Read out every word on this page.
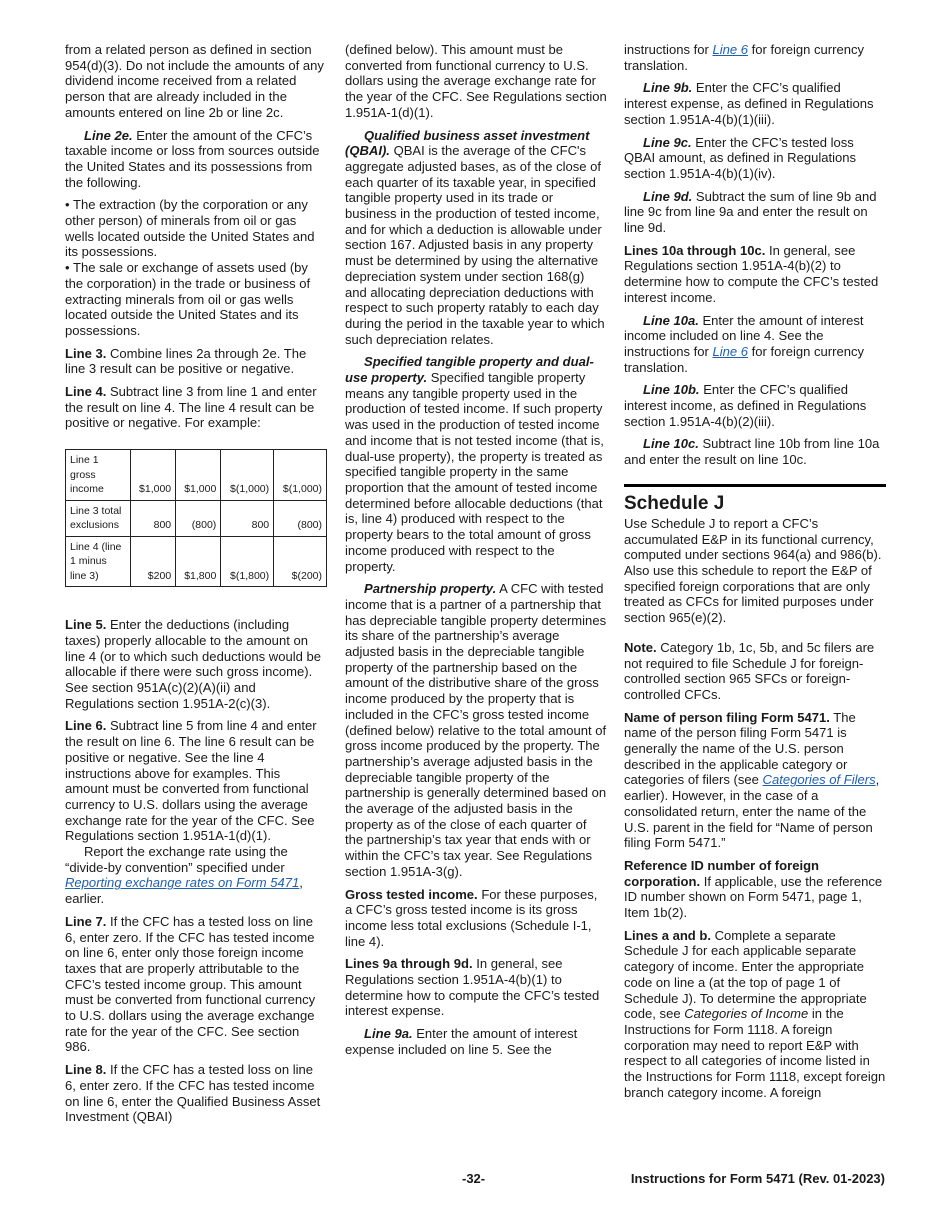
from a related person as defined in section 954(d)(3). Do not include the amounts of any dividend income received from a related person that are already included in the amounts entered on line 2b or line 2c.

Line 2e. Enter the amount of the CFC’s taxable income or loss from sources outside the United States and its possessions from the following.

• The extraction (by the corporation or any other person) of minerals from oil or gas wells located outside the United States and its possessions.

• The sale or exchange of assets used (by the corporation) in the trade or business of extracting minerals from oil or gas wells located outside the United States and its possessions.

Line 3. Combine lines 2a through 2e. The line 3 result can be positive or negative.

Line 4. Subtract line 3 from line 1 and enter the result on line 4. The line 4 result can be positive or negative. For example:

Line 1 gross income	$1,000	$1,000	$(1,000)	$(1,000)
Line 3 total exclusions	800	(800)	800	(800)
Line 4 (line 1 minus line 3)	$200	$1,800	$(1,800)	$(200)

Line 5. Enter the deductions (including taxes) properly allocable to the amount on line 4 (or to which such deductions would be allocable if there were such gross income). See section 951A(c)(2)(A)(ii) and Regulations section 1.951A-2(c)(3).

Line 6. Subtract line 5 from line 4 and enter the result on line 6. The line 6 result can be positive or negative. See the line 4 instructions above for examples. This amount must be converted from functional currency to U.S. dollars using the average exchange rate for the year of the CFC. See Regulations section 1.951A-1(d)(1).

Report the exchange rate using the “divide-by convention” specified under Reporting exchange rates on Form 5471, earlier.

Line 7. If the CFC has a tested loss on line 6, enter zero. If the CFC has tested income on line 6, enter only those foreign income taxes that are properly attributable to the CFC’s tested income group. This amount must be converted from functional currency to U.S. dollars using the average exchange rate for the year of the CFC. See section 986.

Line 8. If the CFC has a tested loss on line 6, enter zero. If the CFC has tested income on line 6, enter the Qualified Business Asset Investment (QBAI)

(defined below). This amount must be converted from functional currency to U.S. dollars using the average exchange rate for the year of the CFC. See Regulations section 1.951A-1(d)(1).

Qualified business asset investment (QBAI). QBAI is the average of the CFC's aggregate adjusted bases, as of the close of each quarter of its taxable year, in specified tangible property used in its trade or business in the production of tested income, and for which a deduction is allowable under section 167. Adjusted basis in any property must be determined by using the alternative depreciation system under section 168(g) and allocating depreciation deductions with respect to such property ratably to each day during the period in the taxable year to which such depreciation relates.

Specified tangible property and dual-use property. Specified tangible property means any tangible property used in the production of tested income. If such property was used in the production of tested income and income that is not tested income (that is, dual-use property), the property is treated as specified tangible property in the same proportion that the amount of tested income determined before allocable deductions (that is, line 4) produced with respect to the property bears to the total amount of gross income produced with respect to the property.

Partnership property. A CFC with tested income that is a partner of a partnership that has depreciable tangible property determines its share of the partnership’s average adjusted basis in the depreciable tangible property of the partnership based on the amount of the distributive share of the gross income produced by the property that is included in the CFC’s gross tested income (defined below) relative to the total amount of gross income produced by the property. The partnership’s average adjusted basis in the depreciable tangible property of the partnership is generally determined based on the average of the adjusted basis in the property as of the close of each quarter of the partnership’s tax year that ends with or within the CFC’s tax year. See Regulations section 1.951A-3(g).

Gross tested income. For these purposes, a CFC’s gross tested income is its gross income less total exclusions (Schedule I-1, line 4).

Lines 9a through 9d. In general, see Regulations section 1.951A-4(b)(1) to determine how to compute the CFC’s tested interest expense.

Line 9a. Enter the amount of interest expense included on line 5. See the

instructions for Line 6 for foreign currency translation.

Line 9b. Enter the CFC’s qualified interest expense, as defined in Regulations section 1.951A-4(b)(1)(iii).

Line 9c. Enter the CFC’s tested loss QBAI amount, as defined in Regulations section 1.951A-4(b)(1)(iv).

Line 9d. Subtract the sum of line 9b and line 9c from line 9a and enter the result on line 9d.

Lines 10a through 10c. In general, see Regulations section 1.951A-4(b)(2) to determine how to compute the CFC’s tested interest income.

Line 10a. Enter the amount of interest income included on line 4. See the instructions for Line 6 for foreign currency translation.

Line 10b. Enter the CFC’s qualified interest income, as defined in Regulations section 1.951A-4(b)(2)(iii).

Line 10c. Subtract line 10b from line 10a and enter the result on line 10c.

Schedule J

Use Schedule J to report a CFC’s accumulated E&P in its functional currency, computed under sections 964(a) and 986(b). Also use this schedule to report the E&P of specified foreign corporations that are only treated as CFCs for limited purposes under section 965(e)(2).

Note. Category 1b, 1c, 5b, and 5c filers are not required to file Schedule J for foreign-controlled section 965 SFCs or foreign-controlled CFCs.

Name of person filing Form 5471. The name of the person filing Form 5471 is generally the name of the U.S. person described in the applicable category or categories of filers (see Categories of Filers, earlier). However, in the case of a consolidated return, enter the name of the U.S. parent in the field for “Name of person filing Form 5471.”

Reference ID number of foreign corporation. If applicable, use the reference ID number shown on Form 5471, page 1, Item 1b(2).

Lines a and b. Complete a separate Schedule J for each applicable separate category of income. Enter the appropriate code on line a (at the top of page 1 of Schedule J). To determine the appropriate code, see Categories of Income in the Instructions for Form 1118. A foreign corporation may need to report E&P with respect to all categories of income listed in the Instructions for Form 1118, except foreign branch category income. A foreign

-32-	Instructions for Form 5471 (Rev. 01-2023)
